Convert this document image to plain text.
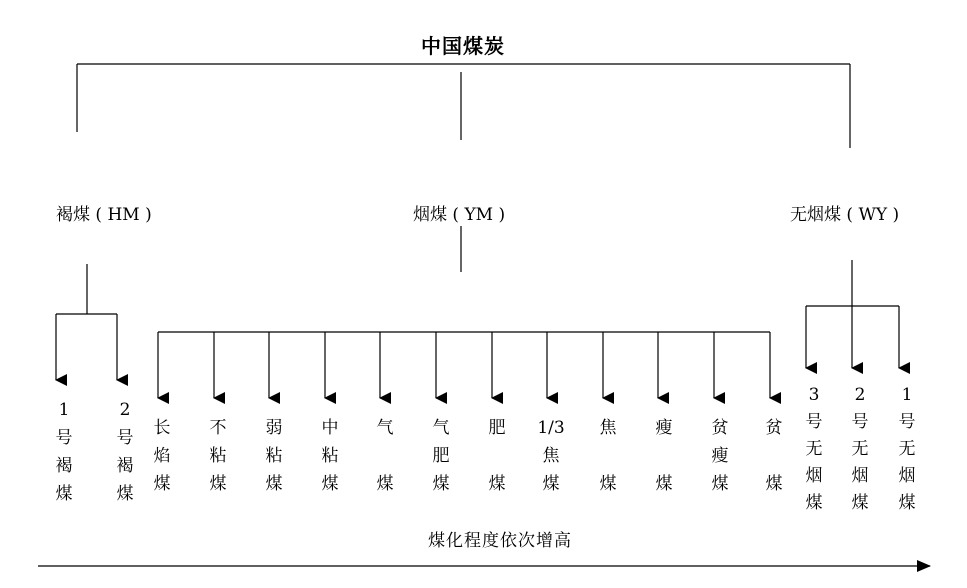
中国煤炭
褐煤 ( HM )	烟煤 ( YM )	无烟煤 ( WY )
1
号
褐
煤
2
号
褐
煤
长
焰
煤
不
粘
煤
弱
粘
煤
中
粘
煤
气

煤
气
肥
煤
肥

煤
1/3
焦
煤
焦

煤
瘦

煤
贫
瘦
煤
贫

煤
3
号
无
烟
煤
2
号
无
烟
煤
1
号
无
烟
煤
煤化程度依次增高
